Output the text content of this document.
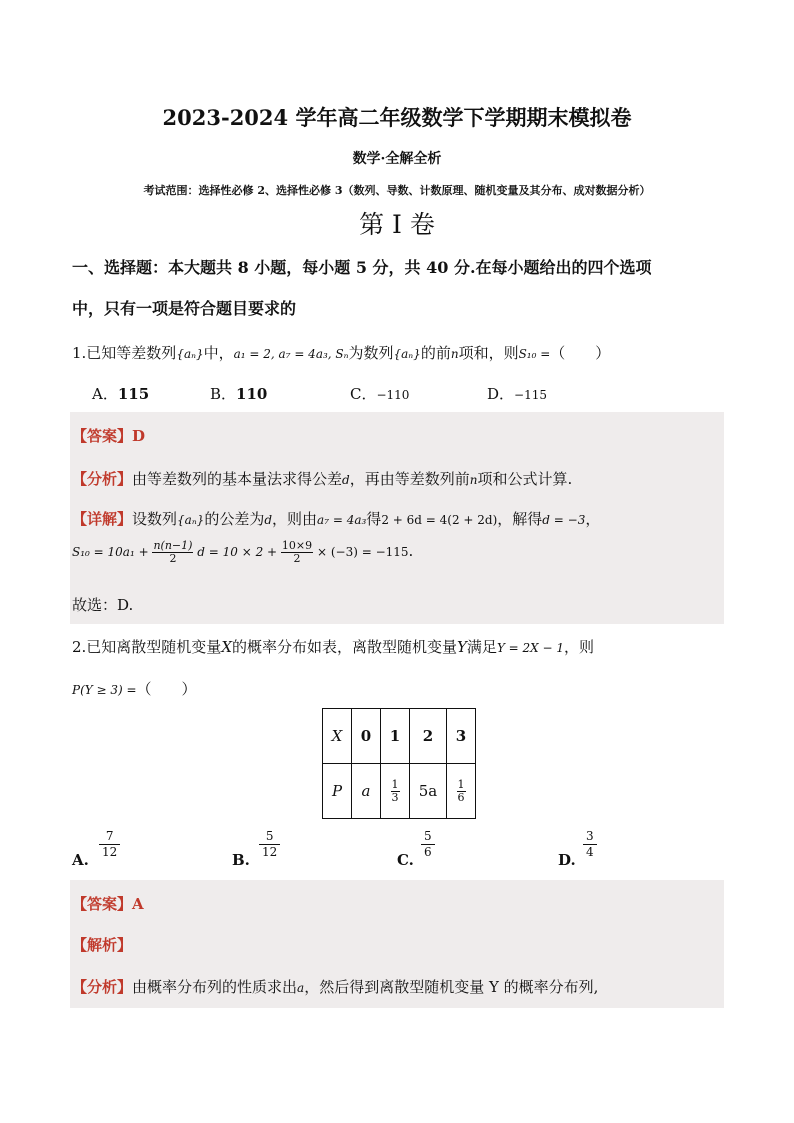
2023-2024 学年高二年级数学下学期期末模拟卷
数学·全解全析
考试范围：选择性必修 2、选择性必修 3（数列、导数、计数原理、随机变量及其分布、成对数据分析）
第 I 卷
一、选择题：本大题共 8 小题，每小题 5 分，共 40 分.在每小题给出的四个选项
中，只有一项是符合题目要求的
1.已知等差数列{aₙ}中，a₁ = 2, a₇ = 4a₃, Sₙ为数列{aₙ}的前n项和，则S₁₀ =（　　）
A．115	B．110	C．−110	D．−115
【答案】D
【分析】由等差数列的基本量法求得公差d，再由等差数列前n项和公式计算.
【详解】设数列{aₙ}的公差为d，则由a₇ = 4a₃得2 + 6d = 4(2 + 2d)，解得d = −3，
$S_{10} = 10a_1 + \frac{n(n-1)}{2}$ $d = 10 \times 2 + \frac{10\times 9}{2} \times (-3) = -115$.
故选：D.
2.已知离散型随机变量X的概率分布如表，离散型随机变量Y满足Y = 2X − 1，则
P(Y ≥ 3) =（　　）
X	0	1	2	3
P	a	$\frac{1}{3}$	5a	$\frac{1}{6}$
A.
7
12	B.
5
12	C.
5
6	D.
3
4
【答案】A
【解析】
【分析】由概率分布列的性质求出a，然后得到离散型随机变量 Y 的概率分布列,
